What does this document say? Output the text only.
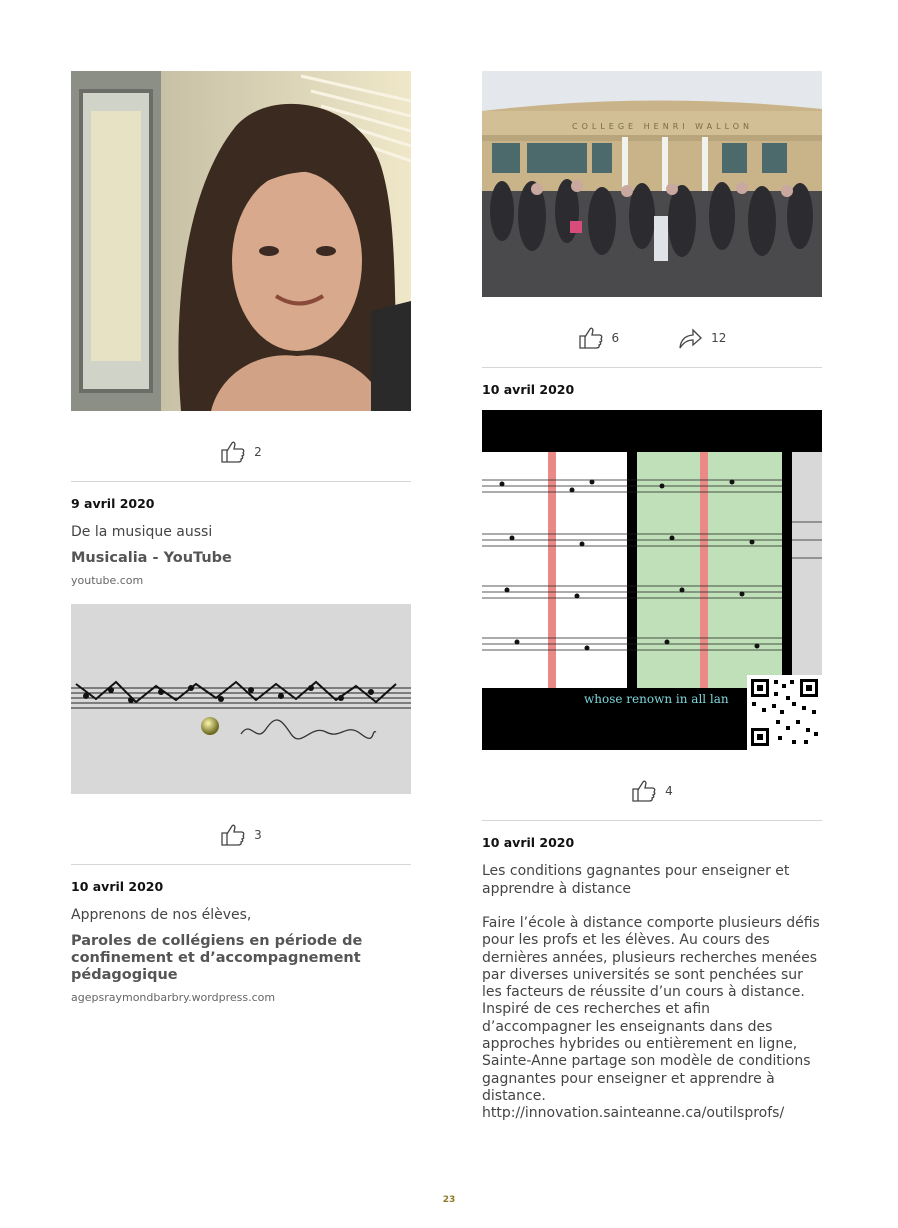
2
9 avril 2020
De la musique aussi
Musicalia - YouTube
youtube.com
3
10 avril 2020
Apprenons de nos élèves,
Paroles de collégiens en période de confinement et d’accompagnement pédagogique
agepsraymondbarbry.wordpress.com
COLLEGE HENRI WALLON
6	12
10 avril 2020
whose renown in all lan
4
10 avril 2020
Les conditions gagnantes pour enseigner et apprendre à distance
Faire l’école à distance comporte plusieurs défis pour les profs et les élèves. Au cours des dernières années, plusieurs recherches menées par diverses universités se sont penchées sur les facteurs de réussite d’un cours à distance. Inspiré de ces recherches et afin d’accompagner les enseignants dans des approches hybrides ou entièrement en ligne, Sainte-Anne partage son modèle de conditions gagnantes pour enseigner et apprendre à distance.
http://innovation.sainteanne.ca/outilsprofs/
23
